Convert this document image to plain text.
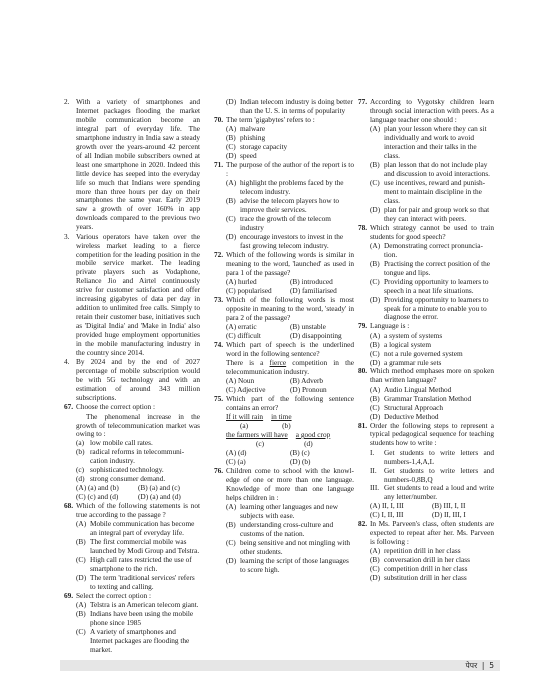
2. With a variety of smartphones and Internet packages flooding the market mobile communication become an integral part of everyday life. The smartphone industry in India saw a steady growth over the years-around 42 percent of all Indian mobile subscribers owned at least one smartphone in 2020. Indeed this little device has seeped into the everyday life so much that Indians were spending more than three hours per day on their smartphones the same year. Early 2019 saw a growth of over 160% in app downloads compared to the previous two years.
3. Various operators have taken over the wireless market leading to a fierce competition for the leading position in the mobile service market. The leading private players such as Vodaphone, Reliance Jio and Airtel continuously strive for customer satisfaction and offer increasing gigabytes of data per day in addition to unlimited free calls. Simply to retain their customer base, initiatives such as 'Digital India' and 'Make in India' also provided huge employment opportunities in the mobile manufacturing industry in the country since 2014.
4. By 2024 and by the end of 2027 percentage of mobile subscription would be with 5G technology and with an estimation of around 343 million subscriptions.
67. Choose the correct option :
The phenomenal increase in the growth of telecommunication market was owing to :
(a) low mobile call rates.
(b) radical reforms in telecommuni-cation industry.
(c) sophisticated technology.
(d) strong consumer demand.
(A) (a) and (b)	(B) (a) and (c)
(C) (c) and (d)	(D) (a) and (d)
68. Which of the following statements is not true according to the passage ?
(A) Mobile communication has become an integral part of everyday life.
(B) The first commercial mobile was launched by Modi Group and Telstra.
(C) High call rates restricted the use of smartphone to the rich.
(D) The term 'traditional services' refers to texting and calling.
69. Select the correct option :
(A) Telstra is an American telecom giant.
(B) Indians have been using the mobile phone since 1985
(C) A variety of smartphones and Internet packages are flooding the market.
(D) Indian telecom industry is doing better than the U. S. in terms of popularity
70. The term 'gigabytes' refers to :
(A) malware
(B) phishing
(C) storage capacity
(D) speed
71. The purpose of the author of the report is to :
(A) highlight the problems faced by the telecom industry.
(B) advise the telecom players how to improve their services.
(C) trace the growth of the telecom industry
(D) encourage investors to invest in the fast growing telecom industry.
72. Which of the following words is similar in meaning to the word, 'launched' as used in para 1 of the passage?
(A) hurled	(B) introduced
(C) popularised	(D) familiarised
73. Which of the following words is most opposite in meaning to the word, 'steady' in para 2 of the passage?
(A) erratic	(B) unstable
(C) difficult	(D) disappointing
74. Which part of speech is the underlined word in the following sentence?
There is a fierce competition in the telecommunication industry.
(A) Noun	(B) Adverb
(C) Adjective	(D) Pronoun
75. Which part of the following sentence contains an error?
If it will rain in time
(a)	(b)
the farmers will have a good crop
(c)	(d)
(A) (d)	(B) (c)
(C) (a)	(D) (b)
76. Children come to school with the knowl-edge of one or more than one language. Knowledge of more than one language helps children in :
(A) learning other languages and new subjects with ease.
(B) understanding cross-culture and customs of the nation.
(C) being sensitive and not mingling with other students.
(D) learning the script of those languages to score high.
77. According to Vygotsky children learn through social interaction with peers. As a language teacher one should :
(A) plan your lesson where they can sit individually and work to avoid interaction and their talks in the class.
(B) plan lesson that do not include play and discussion to avoid interactions.
(C) use incentives, reward and punish-ment to maintain discipline in the class.
(D) plan for pair and group work so that they can interact with peers.
78. Which strategy cannot be used to train students for good speech?
(A) Demonstrating correct pronuncia-tion.
(B) Practising the correct position of the tongue and lips.
(C) Providing opportunity to learners to speech in a neat life situations.
(D) Providing opportunity to learners to speak for a minute to enable you to diagnose the error.
79. Language is :
(A) a system of systems
(B) a logical system
(C) not a rule governed system
(D) a grammar rule sets
80. Which method emphases more on spoken than written language?
(A) Audio Lingual Method
(B) Grammar Translation Method
(C) Structural Approach
(D) Deductive Method
81. Order the following steps to represent a typical pedagogical sequence for teaching students how to write :
I.	Get students to write letters and numbers-1,4,A,L
II.	Get students to write letters and numbers-0,8B,Q
III. Get students to read a loud and write any letter/number.
(A) II, I, III	(B) III, I, II
(C) I, II, III	(D) II, III, I
82. In Ms. Parveen's class, often students are expected to repeat after her. Ms. Parveen is following :
(A) repetition drill in her class
(B) conversation drill in her class
(C) competition drill in her class
(D) substitution drill in her class
पेपर  |  5
